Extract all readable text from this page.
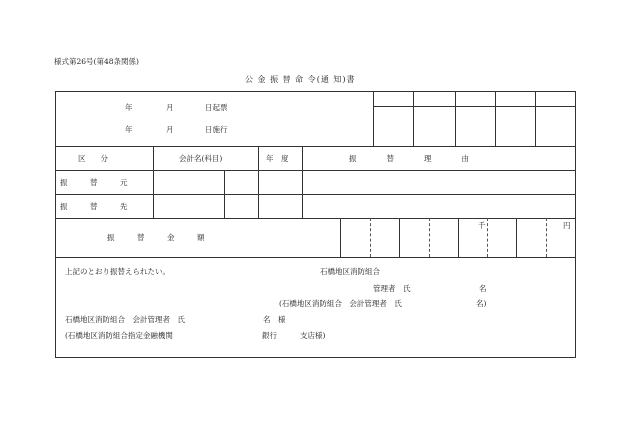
様式第26号(第48条関係)
公 金 振 替 命 令(通 知)書
年	月	日起票
年	月	日施行
区　　分	会計名(科目)	年　度	振　　　　替　　　　理　　　　由
振　　　替　　　元
振　　　替　　　先
振　　　替　　　金　　　額
千	円
上記のとおり振替えられたい。	石橋地区消防組合
管理者　氏	名
(石橋地区消防組合　会計管理者　氏	名)
石橋地区消防組合　会計管理者　氏	名　様
(石橋地区消防組合指定金融機関	銀行	支店様)
